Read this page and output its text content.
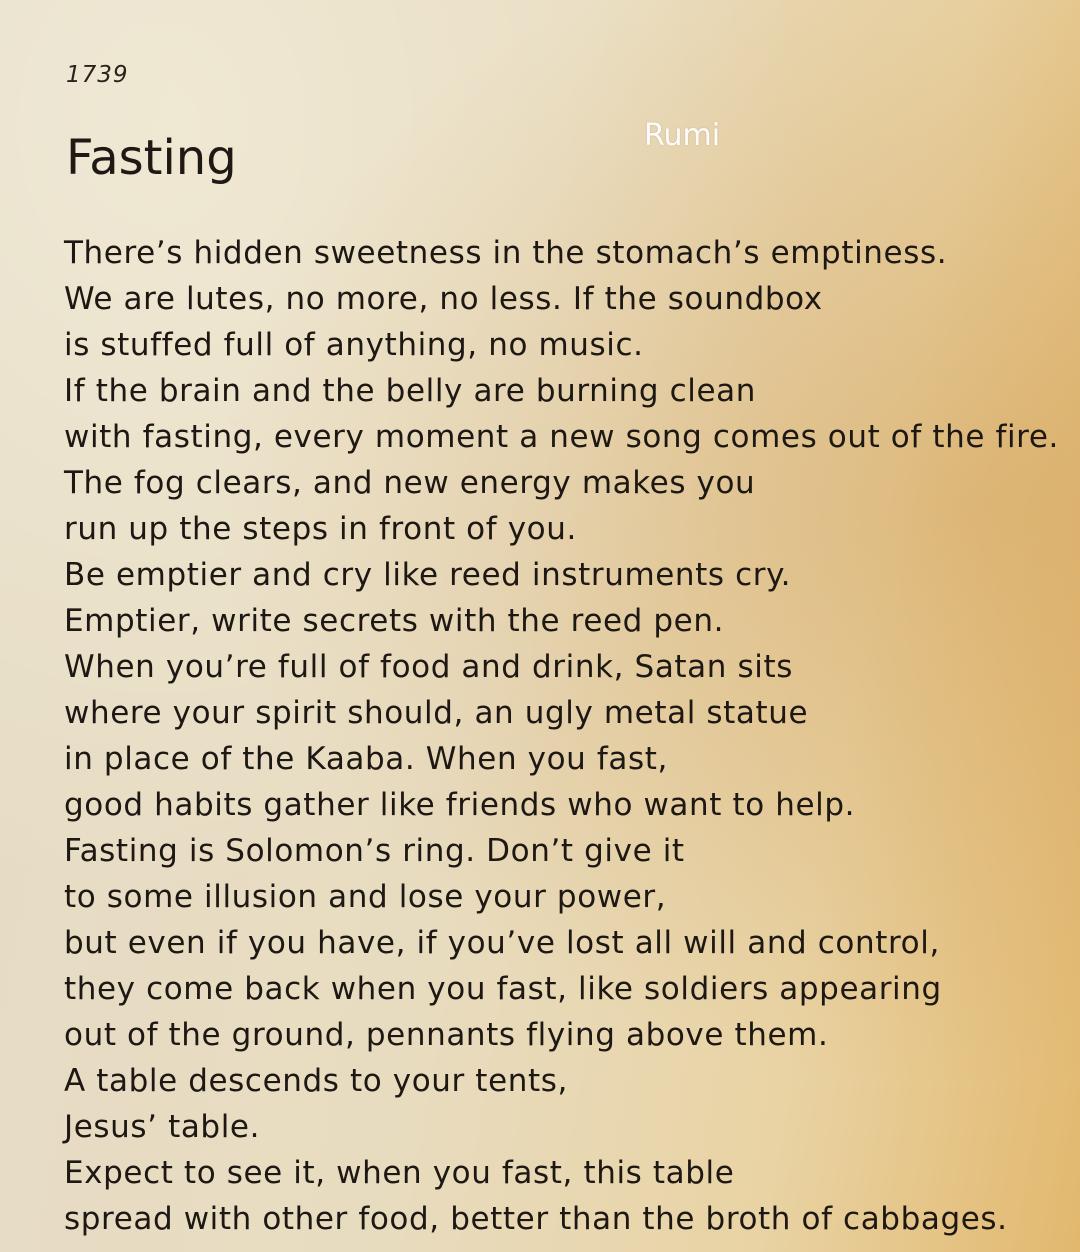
1739
Fasting	Rumi
There’s hidden sweetness in the stomach’s emptiness.
We are lutes, no more, no less. If the soundbox
is stuffed full of anything, no music.
If the brain and the belly are burning clean
with fasting, every moment a new song comes out of the fire.
The fog clears, and new energy makes you
run up the steps in front of you.
Be emptier and cry like reed instruments cry.
Emptier, write secrets with the reed pen.
When you’re full of food and drink, Satan sits
where your spirit should, an ugly metal statue
in place of the Kaaba. When you fast,
good habits gather like friends who want to help.
Fasting is Solomon’s ring. Don’t give it
to some illusion and lose your power,
but even if you have, if you’ve lost all will and control,
they come back when you fast, like soldiers appearing
out of the ground, pennants flying above them.
A table descends to your tents,
Jesus’ table.
Expect to see it, when you fast, this table
spread with other food, better than the broth of cabbages.
